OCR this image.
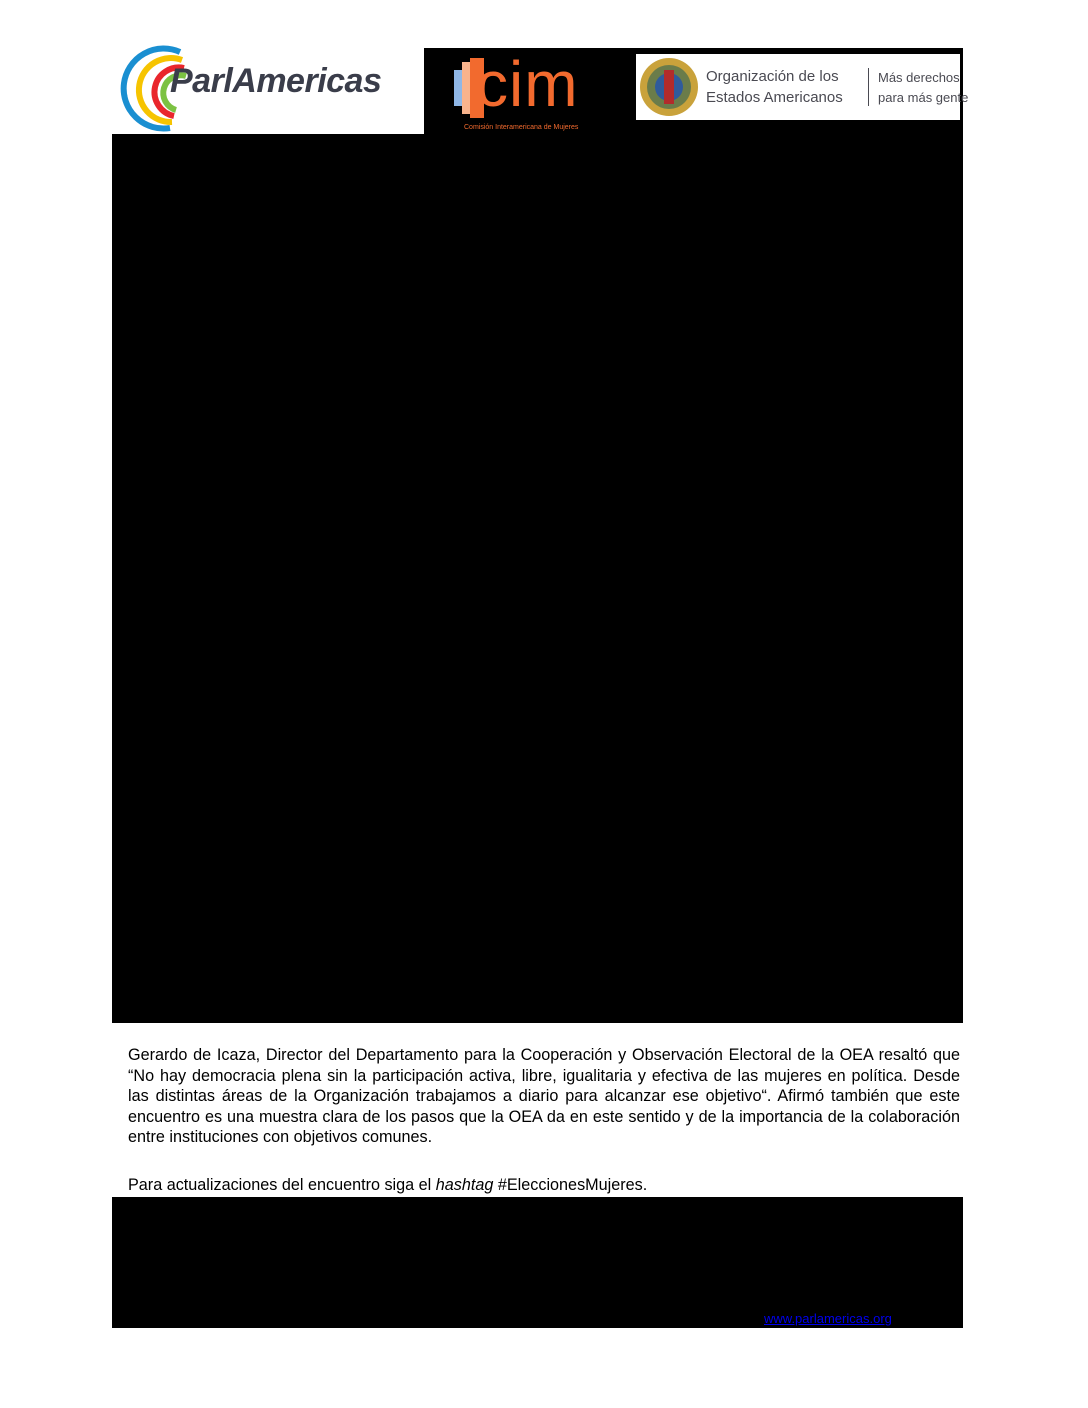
ParlAmericas cim
Comisión Interamericana de Mujeres
Organización de los
Estados Americanos
Más derechos
para más gente

Gerardo de Icaza, Director del Departamento para la Cooperación y Observación Electoral de la OEA resaltó que “No hay democracia plena sin la participación activa, libre, igualitaria y efectiva de las mujeres en política. Desde las distintas áreas de la Organización trabajamos a diario para alcanzar ese objetivo“. Afirmó también que este encuentro es una muestra clara de los pasos que la OEA da en este sentido y de la importancia de la colaboración entre instituciones con objetivos comunes.

Para actualizaciones del encuentro siga el hashtag #EleccionesMujeres.
www.parlamericas.org
